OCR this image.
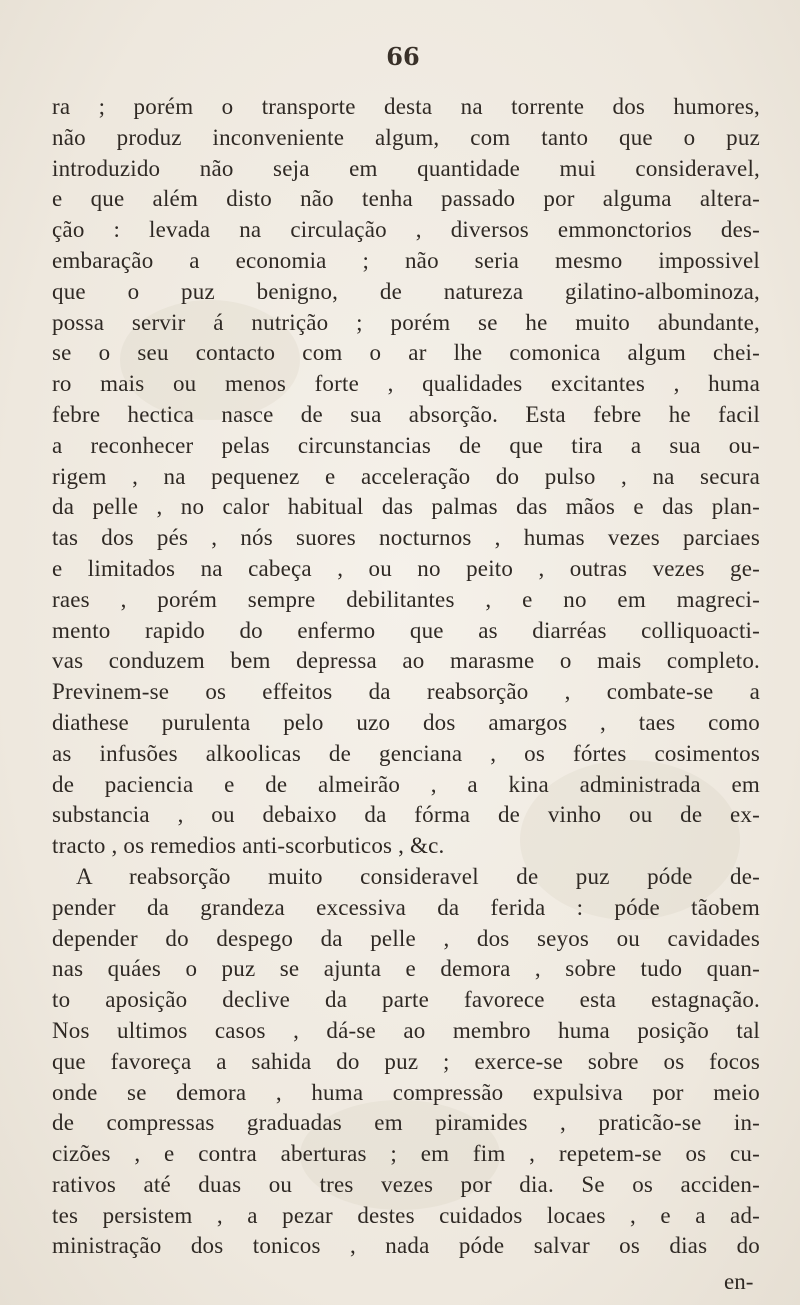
66
ra ; porém o transporte desta na torrente dos humores,
não produz inconveniente algum, com tanto que o puz
introduzido não seja em quantidade mui consideravel,
e que além disto não tenha passado por alguma altera-
ção : levada na circulação , diversos emmonctorios des-
embaração a economia ; não seria mesmo impossivel
que o puz benigno, de natureza gilatino-albominoza,
possa servir á nutrição ; porém se he muito abundante,
se o seu contacto com o ar lhe comonica algum chei-
ro mais ou menos forte , qualidades excitantes , huma
febre hectica nasce de sua absorção. Esta febre he facil
a reconhecer pelas circunstancias de que tira a sua ou-
rigem , na pequenez e acceleração do pulso , na secura
da pelle , no calor habitual das palmas das mãos e das plan-
tas dos pés , nós suores nocturnos , humas vezes parciaes
e limitados na cabeça , ou no peito , outras vezes ge-
raes , porém sempre debilitantes , e no em magreci-
mento rapido do enfermo que as diarréas colliquoacti-
vas conduzem bem depressa ao marasme o mais completo.
Previnem-se os effeitos da reabsorção , combate-se a
diathese purulenta pelo uzo dos amargos , taes como
as infusões alkoolicas de genciana , os fórtes cosimentos
de paciencia e de almeirão , a kina administrada em
substancia , ou debaixo da fórma de vinho ou de ex-
tracto , os remedios anti-scorbuticos , &c.
A reabsorção muito consideravel de puz póde de-
pender da grandeza excessiva da ferida : póde tãobem
depender do despego da pelle , dos seyos ou cavidades
nas quáes o puz se ajunta e demora , sobre tudo quan-
to aposição declive da parte favorece esta estagnação.
Nos ultimos casos , dá-se ao membro huma posição tal
que favoreça a sahida do puz ; exerce-se sobre os focos
onde se demora , huma compressão expulsiva por meio
de compressas graduadas em piramides , praticão-se in-
cizões , e contra aberturas ; em fim , repetem-se os cu-
rativos até duas ou tres vezes por dia. Se os acciden-
tes persistem , a pezar destes cuidados locaes , e a ad-
ministração dos tonicos , nada póde salvar os dias do
en-
